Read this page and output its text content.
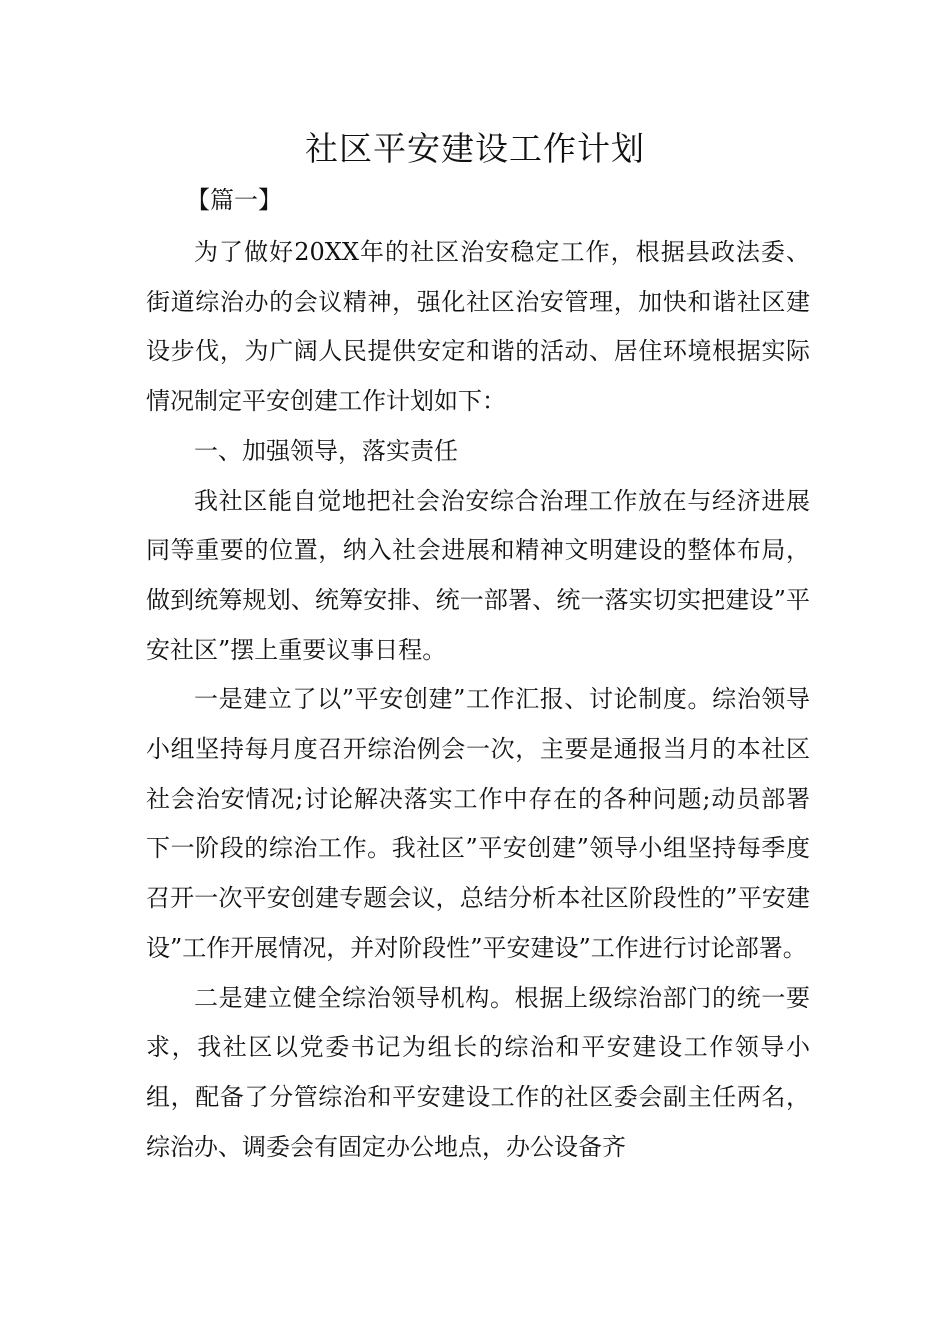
社区平安建设工作计划
【篇一】

为了做好20XX年的社区治安稳定工作，根据县政法委、街道综治办的会议精神，强化社区治安管理，加快和谐社区建设步伐，为广阔人民提供安定和谐的活动、居住环境根据实际情况制定平安创建工作计划如下：

一、加强领导，落实责任

我社区能自觉地把社会治安综合治理工作放在与经济进展同等重要的位置，纳入社会进展和精神文明建设的整体布局，做到统筹规划、统筹安排、统一部署、统一落实切实把建设”平安社区”摆上重要议事日程。

一是建立了以”平安创建”工作汇报、讨论制度。综治领导小组坚持每月度召开综治例会一次，主要是通报当月的本社区社会治安情况;讨论解决落实工作中存在的各种问题;动员部署下一阶段的综治工作。我社区”平安创建”领导小组坚持每季度召开一次平安创建专题会议，总结分析本社区阶段性的”平安建设”工作开展情况，并对阶段性”平安建设”工作进行讨论部署。

二是建立健全综治领导机构。根据上级综治部门的统一要求，我社区以党委书记为组长的综治和平安建设工作领导小组，配备了分管综治和平安建设工作的社区委会副主任两名，综治办、调委会有固定办公地点，办公设备齐
